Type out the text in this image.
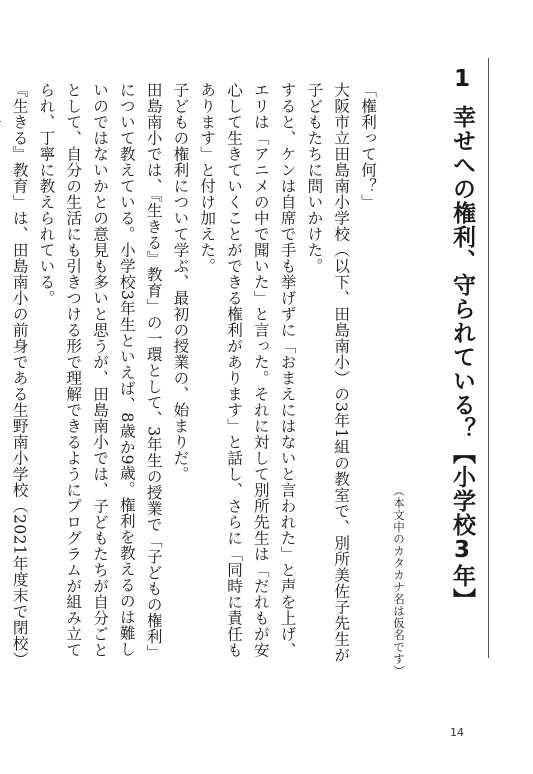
1幸せへの権利、守られている？【小学校3年】
（本文中のカタカナ名は仮名です）

「権利って何？」

大阪市立田島南小学校（以下、田島南小）の3年1組の教室で、別所美佐子先生が子どもたちに問いかけた。

すると、ケンは自席で手も挙げずに「おまえにはないと言われた」と声を上げ、エリは「アニメの中で聞いた」と言った。それに対して別所先生は「だれもが安心して生きていくことができる権利があります」と話し、さらに「同時に責任もあります」と付け加えた。

子どもの権利について学ぶ、最初の授業の、始まりだ。

田島南小では、『生きる』教育」の一環として、3年生の授業で「子どもの権利」について教えている。小学校3年生といえば、8歳か9歳。権利を教えるのは難しいのではないかとの意見も多いと思うが、田島南小では、子どもたちが自分ごととして、自分の生活にも引きつける形で理解できるようにプログラムが組み立てられ、丁寧に教えられている。

『生きる』教育」は、田島南小の前身である生野南小学校（2021年度末で閉校）

14
